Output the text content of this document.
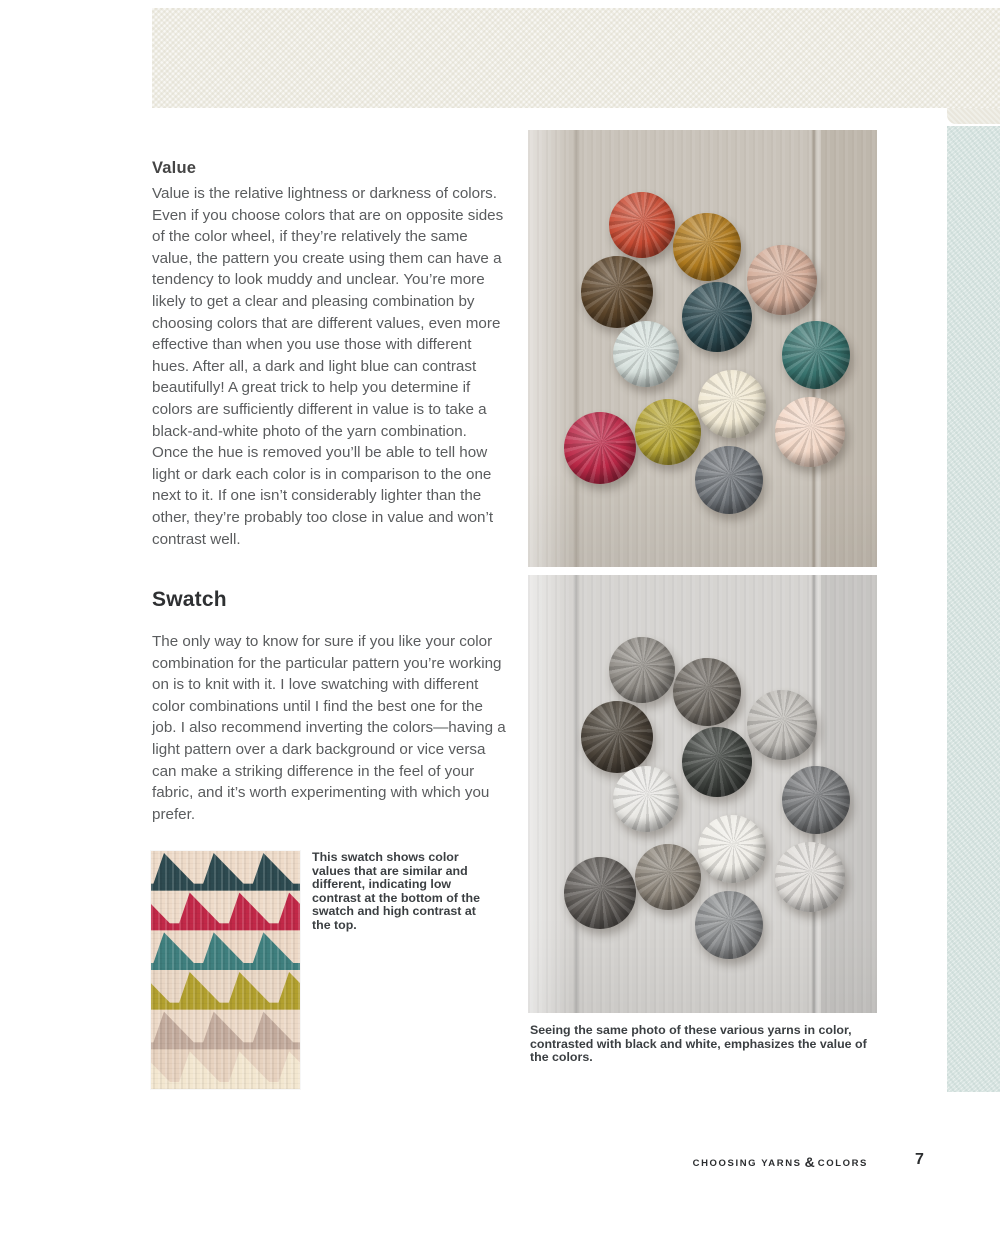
Value
Value is the relative lightness or darkness of colors. Even if you choose colors that are on opposite sides of the color wheel, if they’re relatively the same value, the pattern you create using them can have a tendency to look muddy and unclear. You’re more likely to get a clear and pleasing combination by choosing colors that are different values, even more effective than when you use those with different hues. After all, a dark and light blue can contrast beautifully! A great trick to help you determine if colors are sufficiently different in value is to take a black-and-white photo of the yarn combination. Once the hue is removed you’ll be able to tell how light or dark each color is in comparison to the one next to it. If one isn’t considerably lighter than the other, they’re probably too close in value and won’t contrast well.
Swatch
The only way to know for sure if you like your color combination for the particular pattern you’re working on is to knit with it. I love swatching with different color combinations until I find the best one for the job. I also recommend inverting the colors—having a light pattern over a dark background or vice versa can make a striking difference in the feel of your fabric, and it’s worth experimenting with which you prefer.
This swatch shows color values that are similar and different, indicating low contrast at the bottom of the swatch and high contrast at the top.
Seeing the same photo of these various yarns in color, contrasted with black and white, emphasizes the value of the colors.
CHOOSING YARNS & COLORS	7
